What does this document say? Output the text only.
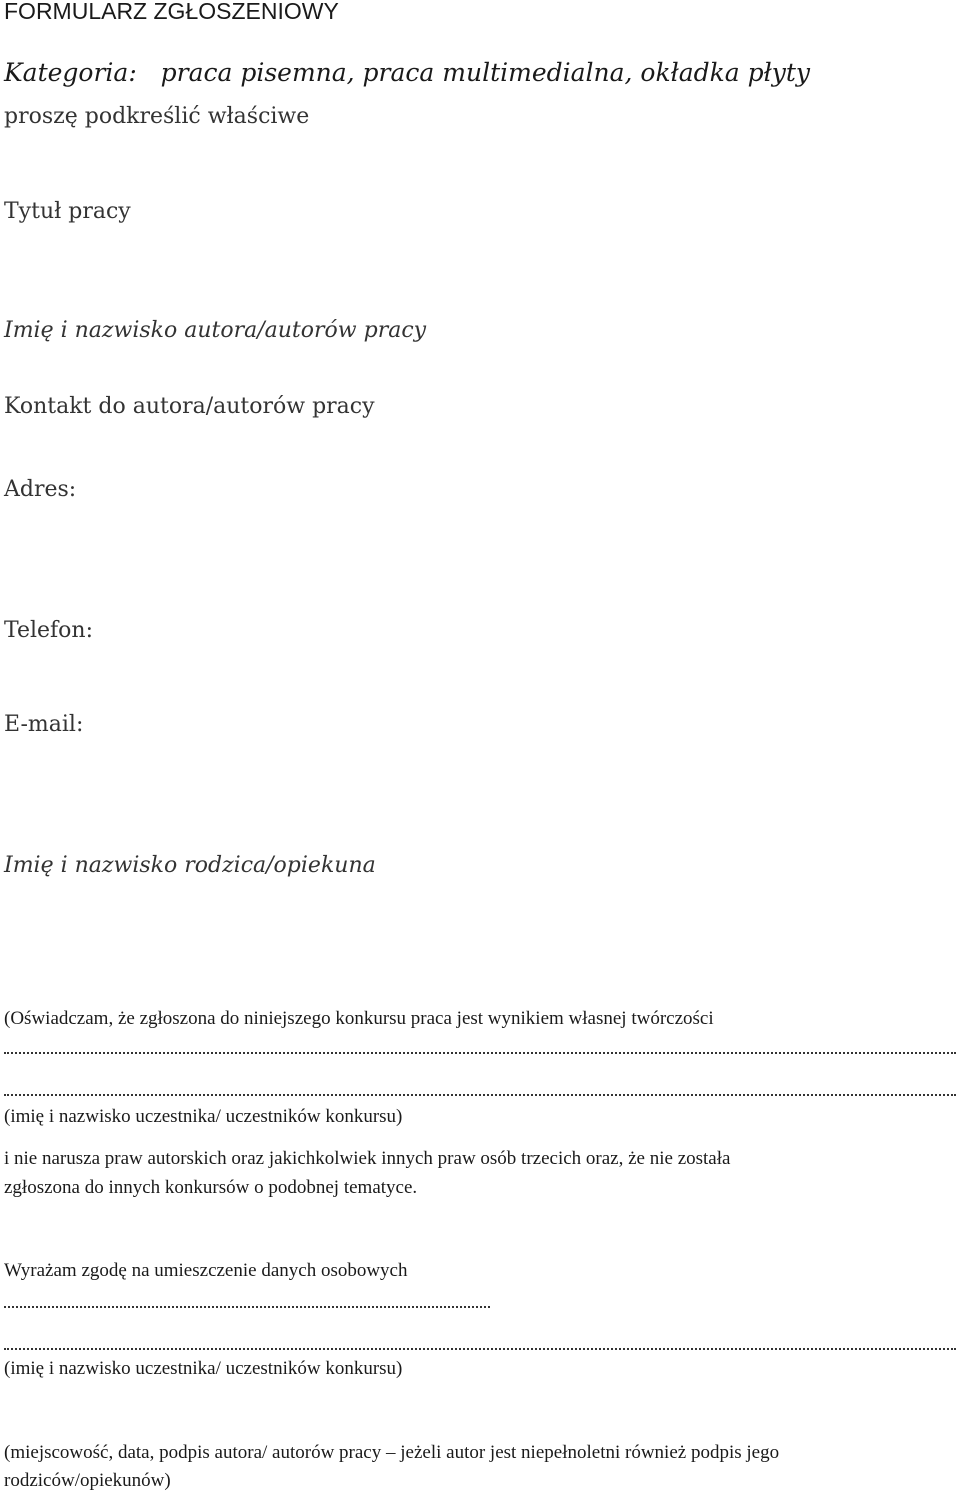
FORMULARZ ZGŁOSZENIOWY
Kategoria: praca pisemna, praca multimedialna, okładka płyty
proszę podkreślić właściwe
Tytuł pracy
Imię i nazwisko autora/autorów pracy
Kontakt do autora/autorów pracy
Adres:
Telefon:
E-mail:
Imię i nazwisko rodzica/opiekuna
(Oświadczam, że zgłoszona do niniejszego konkursu praca jest wynikiem własnej twórczości
(imię i nazwisko uczestnika/ uczestników konkursu)
i nie narusza praw autorskich oraz jakichkolwiek innych praw osób trzecich oraz, że nie została
zgłoszona do innych konkursów o podobnej tematyce.
Wyrażam zgodę na umieszczenie danych osobowych
(imię i nazwisko uczestnika/ uczestników konkursu)
(miejscowość, data, podpis autora/ autorów pracy – jeżeli autor jest niepełnoletni również podpis jego
rodziców/opiekunów)
